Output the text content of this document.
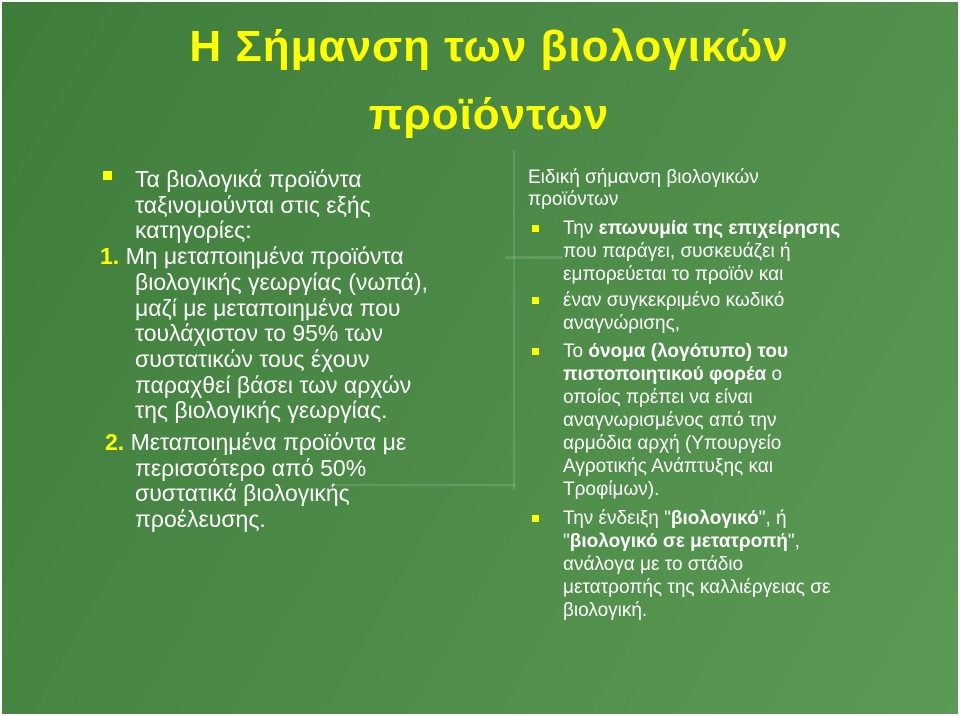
Η Σήμανση των βιολογικών
προϊόντων
Τα βιολογικά προϊόντα
ταξινομούνται στις εξής
κατηγορίες:
1. Μη μεταποιημένα προϊόντα
βιολογικής γεωργίας (νωπά),
μαζί με μεταποιημένα που
τουλάχιστον το 95% των
συστατικών τους έχουν
παραχθεί βάσει των αρχών
της βιολογικής γεωργίας.
2. Μεταποιημένα προϊόντα με
περισσότερο από 50%
συστατικά βιολογικής
προέλευσης.
Ειδική σήμανση βιολογικών
προϊόντων
Την επωνυμία της επιχείρησης
που παράγει, συσκευάζει ή
εμπορεύεται το προϊόν και
έναν συγκεκριμένο κωδικό
αναγνώρισης,
Το όνομα (λογότυπο) του
πιστοποιητικού φορέα ο
οποίος πρέπει να είναι
αναγνωρισμένος από την
αρμόδια αρχή (Υπουργείο
Αγροτικής Ανάπτυξης και
Τροφίμων).
Την ένδειξη "βιολογικό", ή
"βιολογικό σε μετατροπή",
ανάλογα με το στάδιο
μετατροπής της καλλιέργειας σε
βιολογική.
